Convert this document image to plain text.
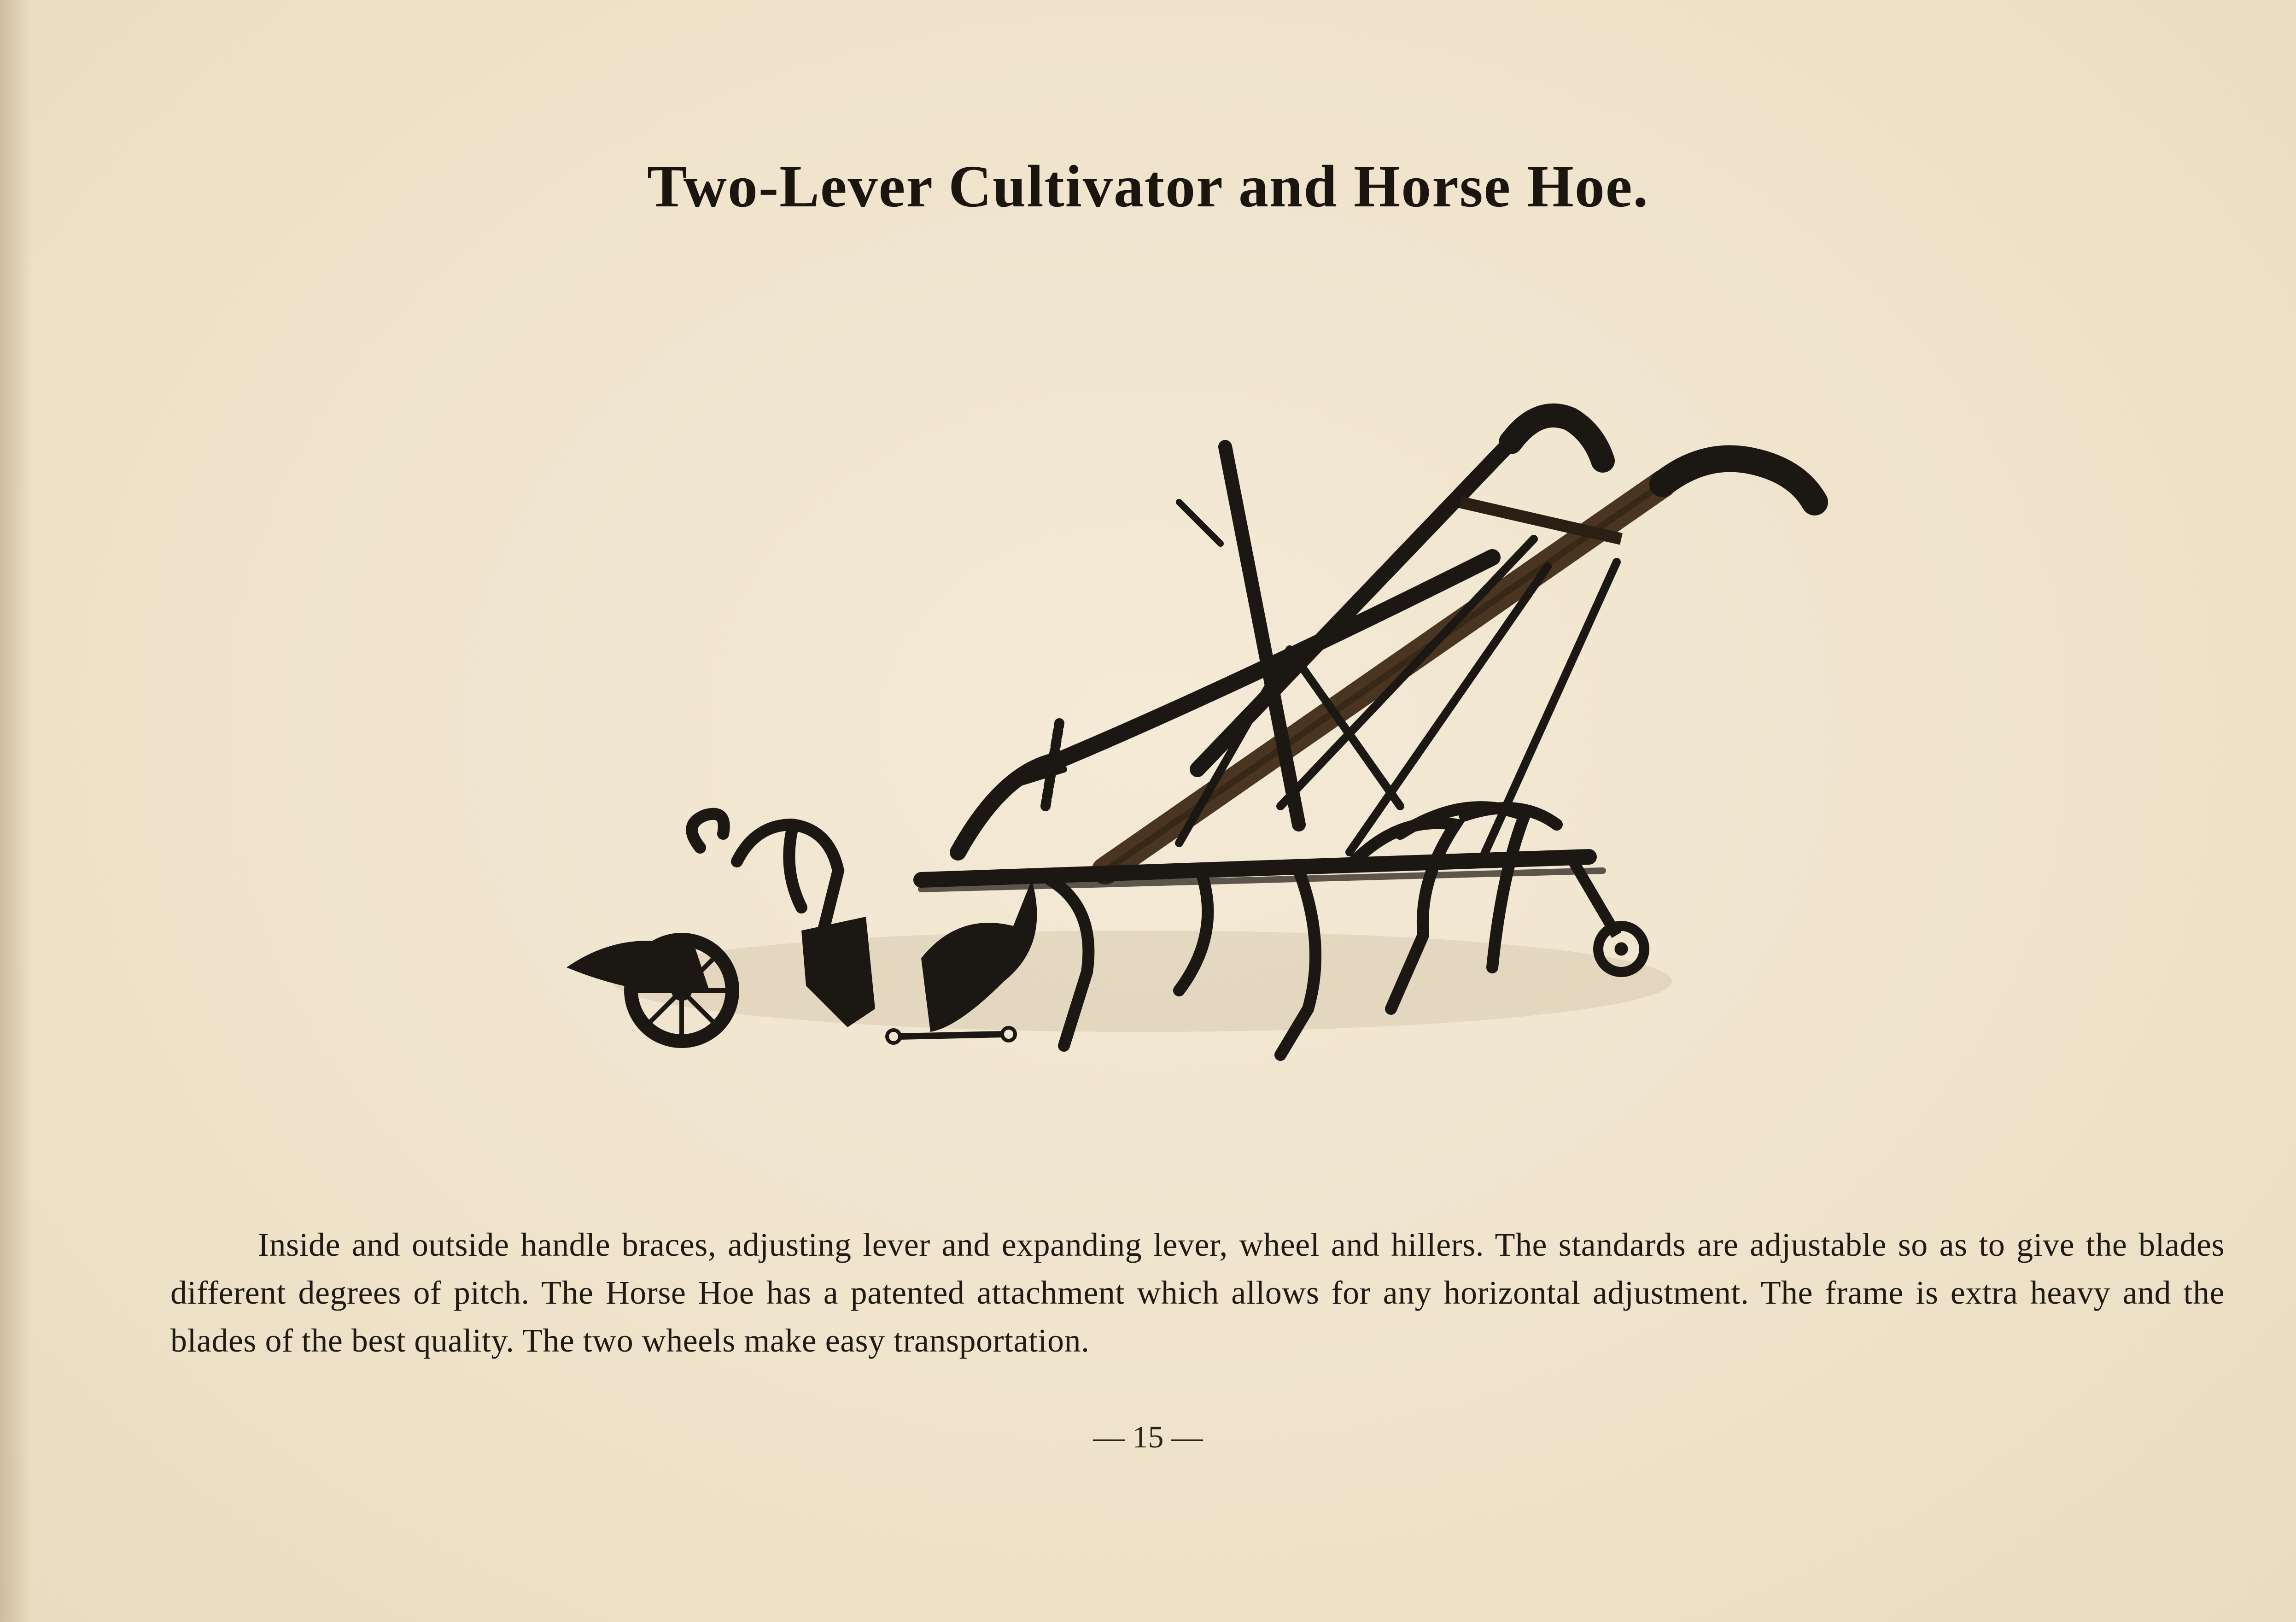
Two-Lever Cultivator and Horse Hoe.
Inside and outside handle braces, adjusting lever and expanding lever, wheel and hillers. The standards are adjustable so as to give the blades different degrees of pitch. The Horse Hoe has a patented attachment which allows for any horizontal adjustment. The frame is extra heavy and the blades of the best quality. The two wheels make easy transportation.
— 15 —
